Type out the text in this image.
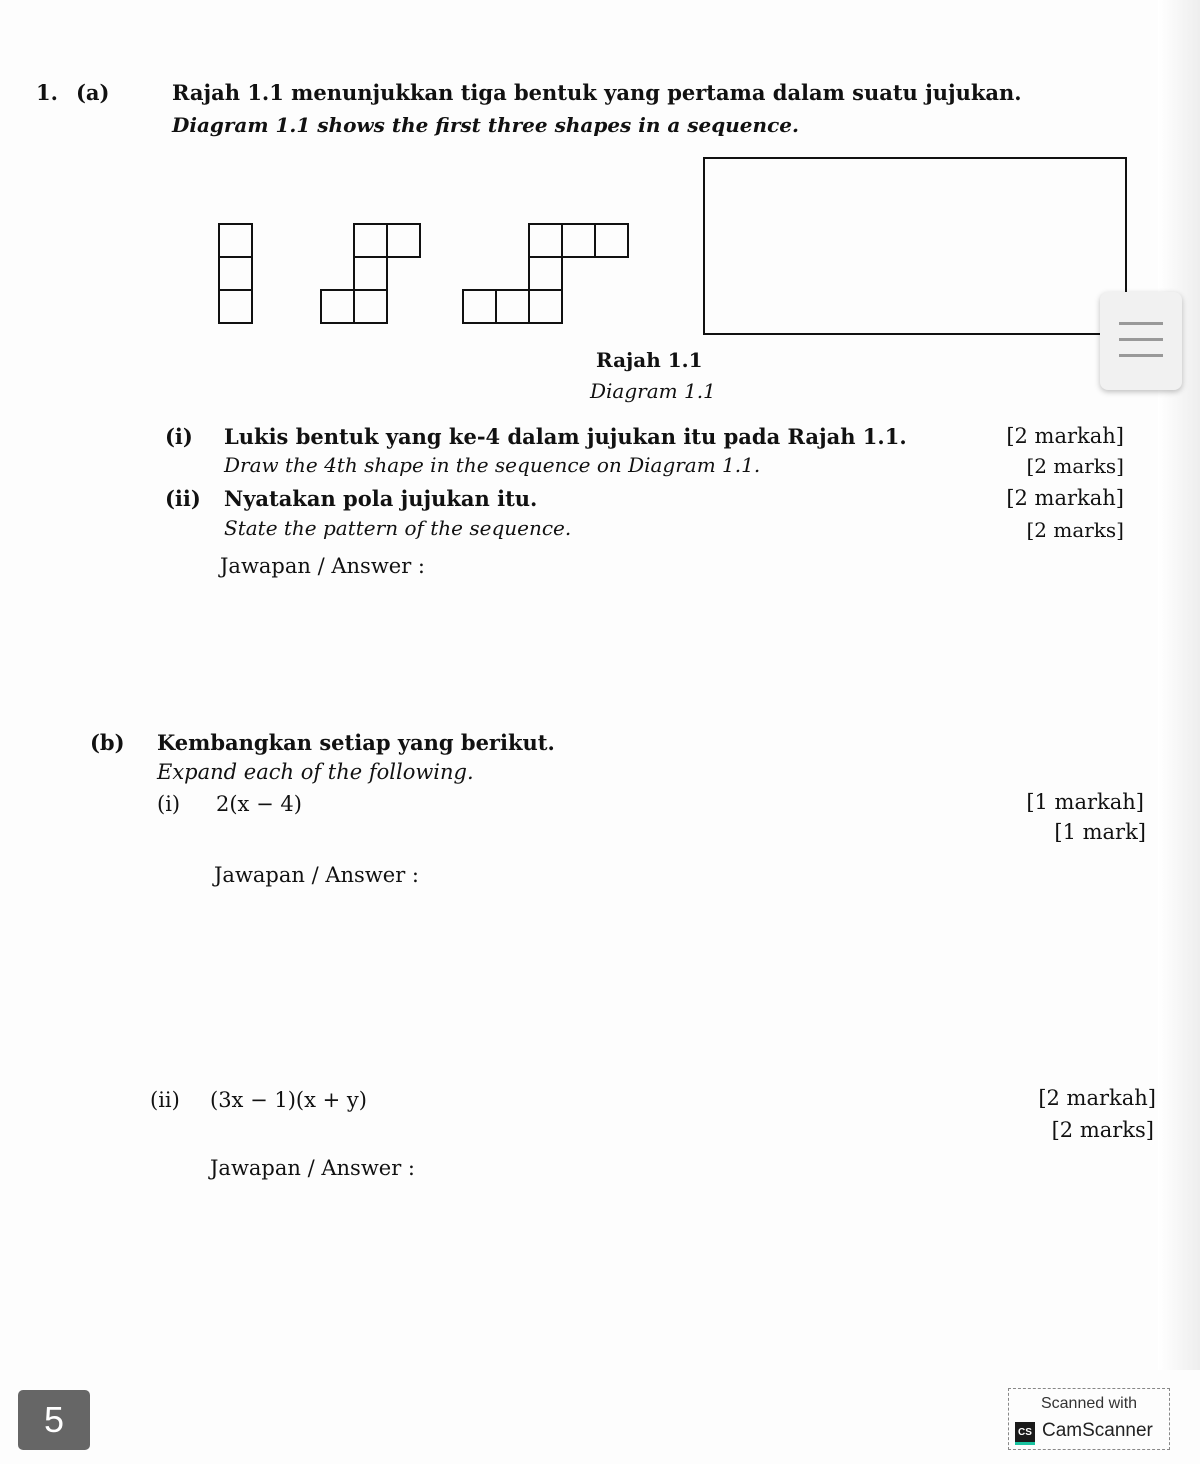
1. (a)	Rajah 1.1 menunjukkan tiga bentuk yang pertama dalam suatu jujukan.
Diagram 1.1 shows the first three shapes in a sequence.
Rajah 1.1
Diagram 1.1
(i) Lukis bentuk yang ke-4 dalam jujukan itu pada Rajah 1.1.
Draw the 4th shape in the sequence on Diagram 1.1.
[2 markah]
[2 marks]
(ii) Nyatakan pola jujukan itu.
State the pattern of the sequence.
[2 markah]
[2 marks]
Jawapan / Answer :
(b) Kembangkan setiap yang berikut.
Expand each of the following.
(i) 2(x − 4)	[1 markah]
[1 mark]
Jawapan / Answer :
(ii) (3x − 1)(x + y)	[2 markah]
[2 marks]
Jawapan / Answer :
5	Scanned with
CS CamScanner
